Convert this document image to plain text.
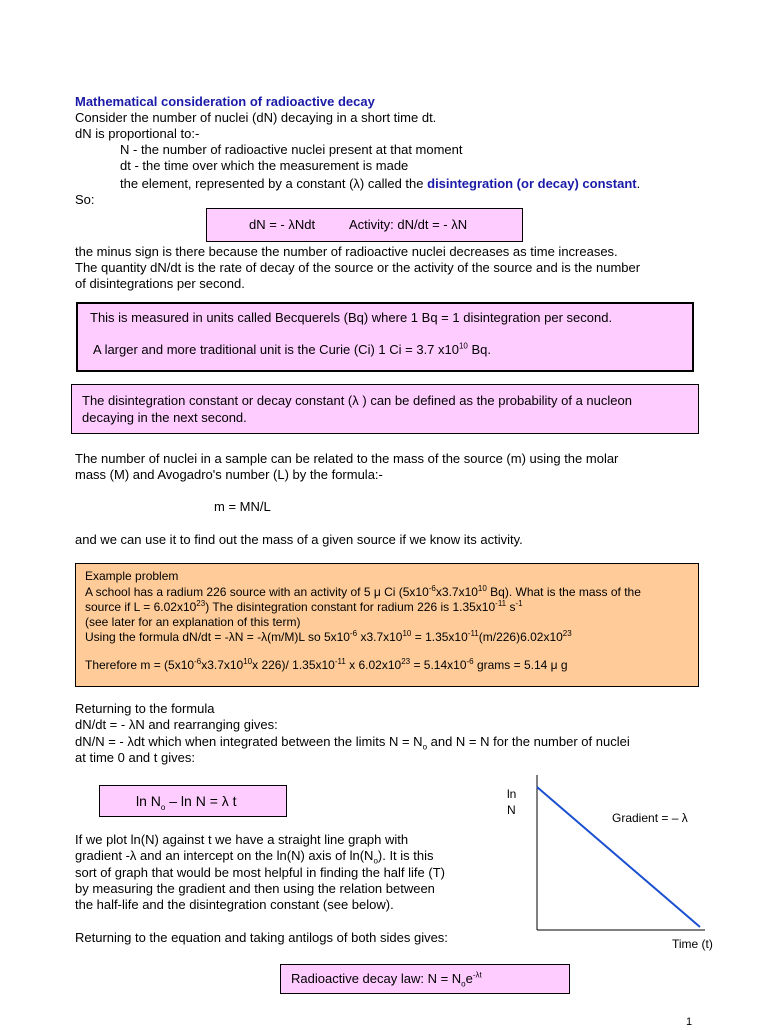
Mathematical consideration of radioactive decay
Consider the number of nuclei (dN) decaying in a short time dt.
dN is proportional to:-
N - the number of radioactive nuclei present at that moment
dt - the time over which the measurement is made
the element, represented by a constant (λ) called the disintegration (or decay) constant.
So:
dN = - λNdt	Activity: dN/dt = - λN
the minus sign is there because the number of radioactive nuclei decreases as time increases.
The quantity dN/dt is the rate of decay of the source or the activity of the source and is the number
of disintegrations per second.
This is measured in units called Becquerels (Bq) where 1 Bq = 1 disintegration per second.
A larger and more traditional unit is the Curie (Ci) 1 Ci = 3.7 $x10^{10}$ Bq.
The disintegration constant or decay constant (λ ) can be defined as the probability of a nucleon
decaying in the next second.
The number of nuclei in a sample can be related to the mass of the source (m) using the molar
mass (M) and Avogadro's number (L) by the formula:-
m = MN/L
and we can use it to find out the mass of a given source if we know its activity.
Example problem
A school has a radium 226 source with an activity of 5 μ Ci ($5x10^{-6}x3.7x10^{10}$ Bq). What is the mass of the
source if $L = 6.02x10^{23}$) The disintegration constant for radium 226 is $1.35x10^{-11}$ $s^{-1}$
(see later for an explanation of this term)
Using the formula dN/dt = -λN = -λ(m/M)L so $5x10^{-6}$ $x3.7x10^{10} = 1.35x10^{-11}(m/226)6.02x10^{23}$
Therefore $m = (5x10^{-6}x3.7x10^{10}x$ 226)/ $1.35x10^{-11}$ x $6.02x10^{23} = 5.14x10^{-6}$ grams = 5.14 μ g
Returning to the formula
dN/dt = - λN and rearranging gives:
dN/N = - λdt which when integrated between the limits $N = N_o$ and N = N for the number of nuclei
at time 0 and t gives:
$\ln N_o - \ln N = \lambda$ t
If we plot ln(N) against t we have a straight line graph with
gradient -λ and an intercept on the ln(N) axis of $\ln(N_o)$. It is this
sort of graph that would be most helpful in finding the half life (T)
by measuring the gradient and then using the relation between
the half-life and the disintegration constant (see below).
Returning to the equation and taking antilogs of both sides gives:
ln
N
Gradient = – λ
Time (t)
Radioactive decay law: $N = N_oe^{-\lambda t}$
1
